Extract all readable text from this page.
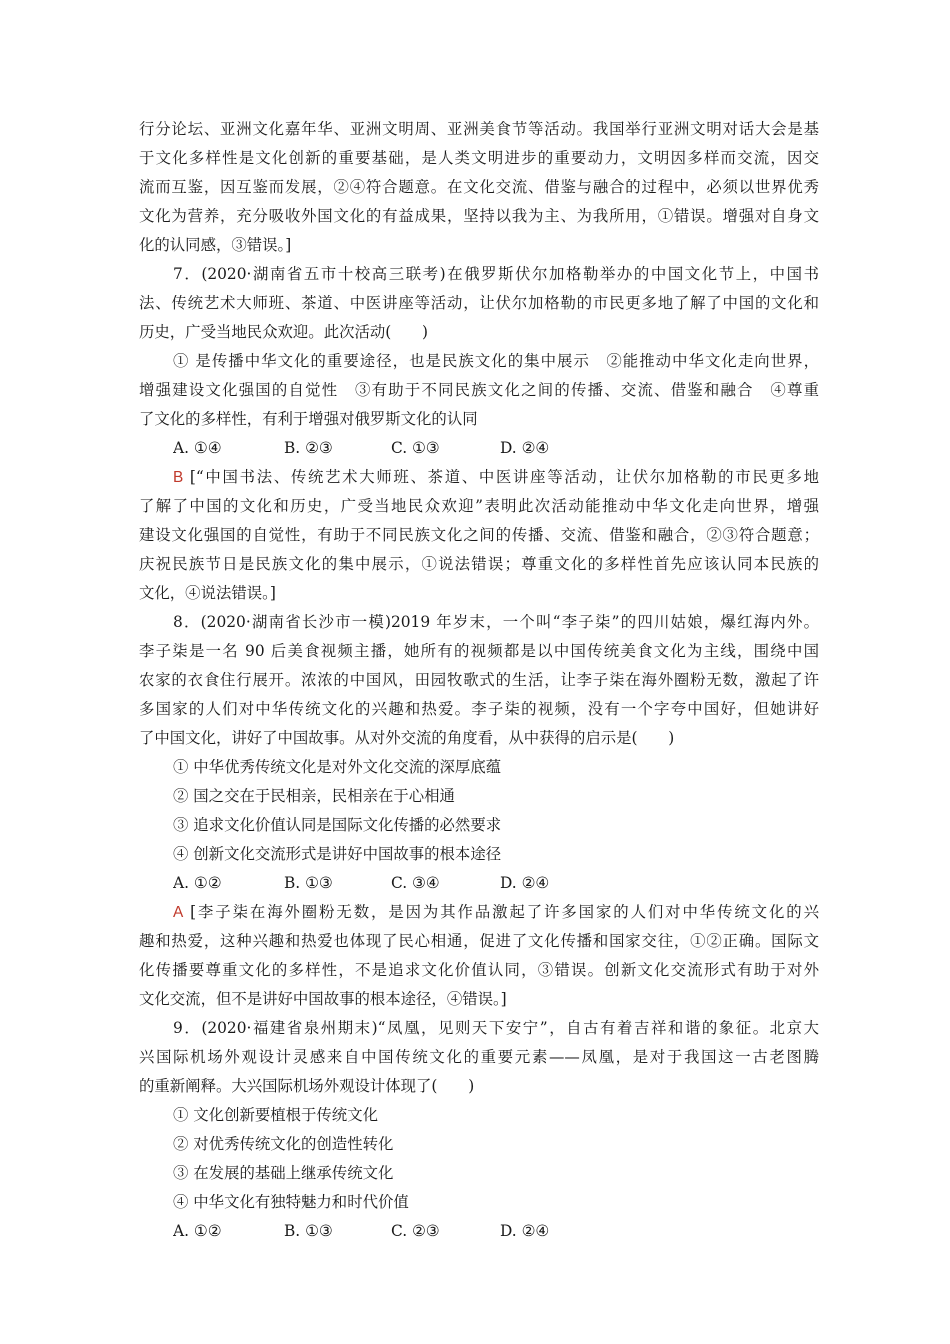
行分论坛、亚洲文化嘉年华、亚洲文明周、亚洲美食节等活动。我国举行亚洲文明对话大会是基
于文化多样性是文化创新的重要基础，是人类文明进步的重要动力，文明因多样而交流，因交
流而互鉴，因互鉴而发展，②④符合题意。在文化交流、借鉴与融合的过程中，必须以世界优秀
文化为营养，充分吸收外国文化的有益成果，坚持以我为主、为我所用，①错误。增强对自身文
化的认同感，③错误。]
7．(2020·湖南省五市十校高三联考)在俄罗斯伏尔加格勒举办的中国文化节上，中国书
法、传统艺术大师班、茶道、中医讲座等活动，让伏尔加格勒的市民更多地了解了中国的文化和
历史，广受当地民众欢迎。此次活动(　　)
① 是传播中华文化的重要途径，也是民族文化的集中展示　②能推动中华文化走向世界，
增强建设文化强国的自觉性　③有助于不同民族文化之间的传播、交流、借鉴和融合　④尊重
了文化的多样性，有利于增强对俄罗斯文化的认同
A. ①④	B. ②③	C. ①③	D. ②④
B [“中国书法、传统艺术大师班、茶道、中医讲座等活动，让伏尔加格勒的市民更多地
了解了中国的文化和历史，广受当地民众欢迎”表明此次活动能推动中华文化走向世界，增强
建设文化强国的自觉性，有助于不同民族文化之间的传播、交流、借鉴和融合，②③符合题意；
庆祝民族节日是民族文化的集中展示，①说法错误；尊重文化的多样性首先应该认同本民族的
文化，④说法错误。]
8．(2020·湖南省长沙市一模)2019 年岁末，一个叫“李子柒”的四川姑娘，爆红海内外。
李子柒是一名 90 后美食视频主播，她所有的视频都是以中国传统美食文化为主线，围绕中国
农家的衣食住行展开。浓浓的中国风，田园牧歌式的生活，让李子柒在海外圈粉无数，激起了许
多国家的人们对中华传统文化的兴趣和热爱。李子柒的视频，没有一个字夸中国好，但她讲好
了中国文化，讲好了中国故事。从对外交流的角度看，从中获得的启示是(　　)
① 中华优秀传统文化是对外文化交流的深厚底蕴
② 国之交在于民相亲，民相亲在于心相通
③ 追求文化价值认同是国际文化传播的必然要求
④ 创新文化交流形式是讲好中国故事的根本途径
A. ①②	B. ①③	C. ③④	D. ②④
A [李子柒在海外圈粉无数，是因为其作品激起了许多国家的人们对中华传统文化的兴
趣和热爱，这种兴趣和热爱也体现了民心相通，促进了文化传播和国家交往，①②正确。国际文
化传播要尊重文化的多样性，不是追求文化价值认同，③错误。创新文化交流形式有助于对外
文化交流，但不是讲好中国故事的根本途径，④错误。]
9．(2020·福建省泉州期末)“凤凰，见则天下安宁”，自古有着吉祥和谐的象征。北京大
兴国际机场外观设计灵感来自中国传统文化的重要元素——凤凰，是对于我国这一古老图腾
的重新阐释。大兴国际机场外观设计体现了(　　)
① 文化创新要植根于传统文化
② 对优秀传统文化的创造性转化
③ 在发展的基础上继承传统文化
④ 中华文化有独特魅力和时代价值
A. ①②	B. ①③	C. ②③	D. ②④
